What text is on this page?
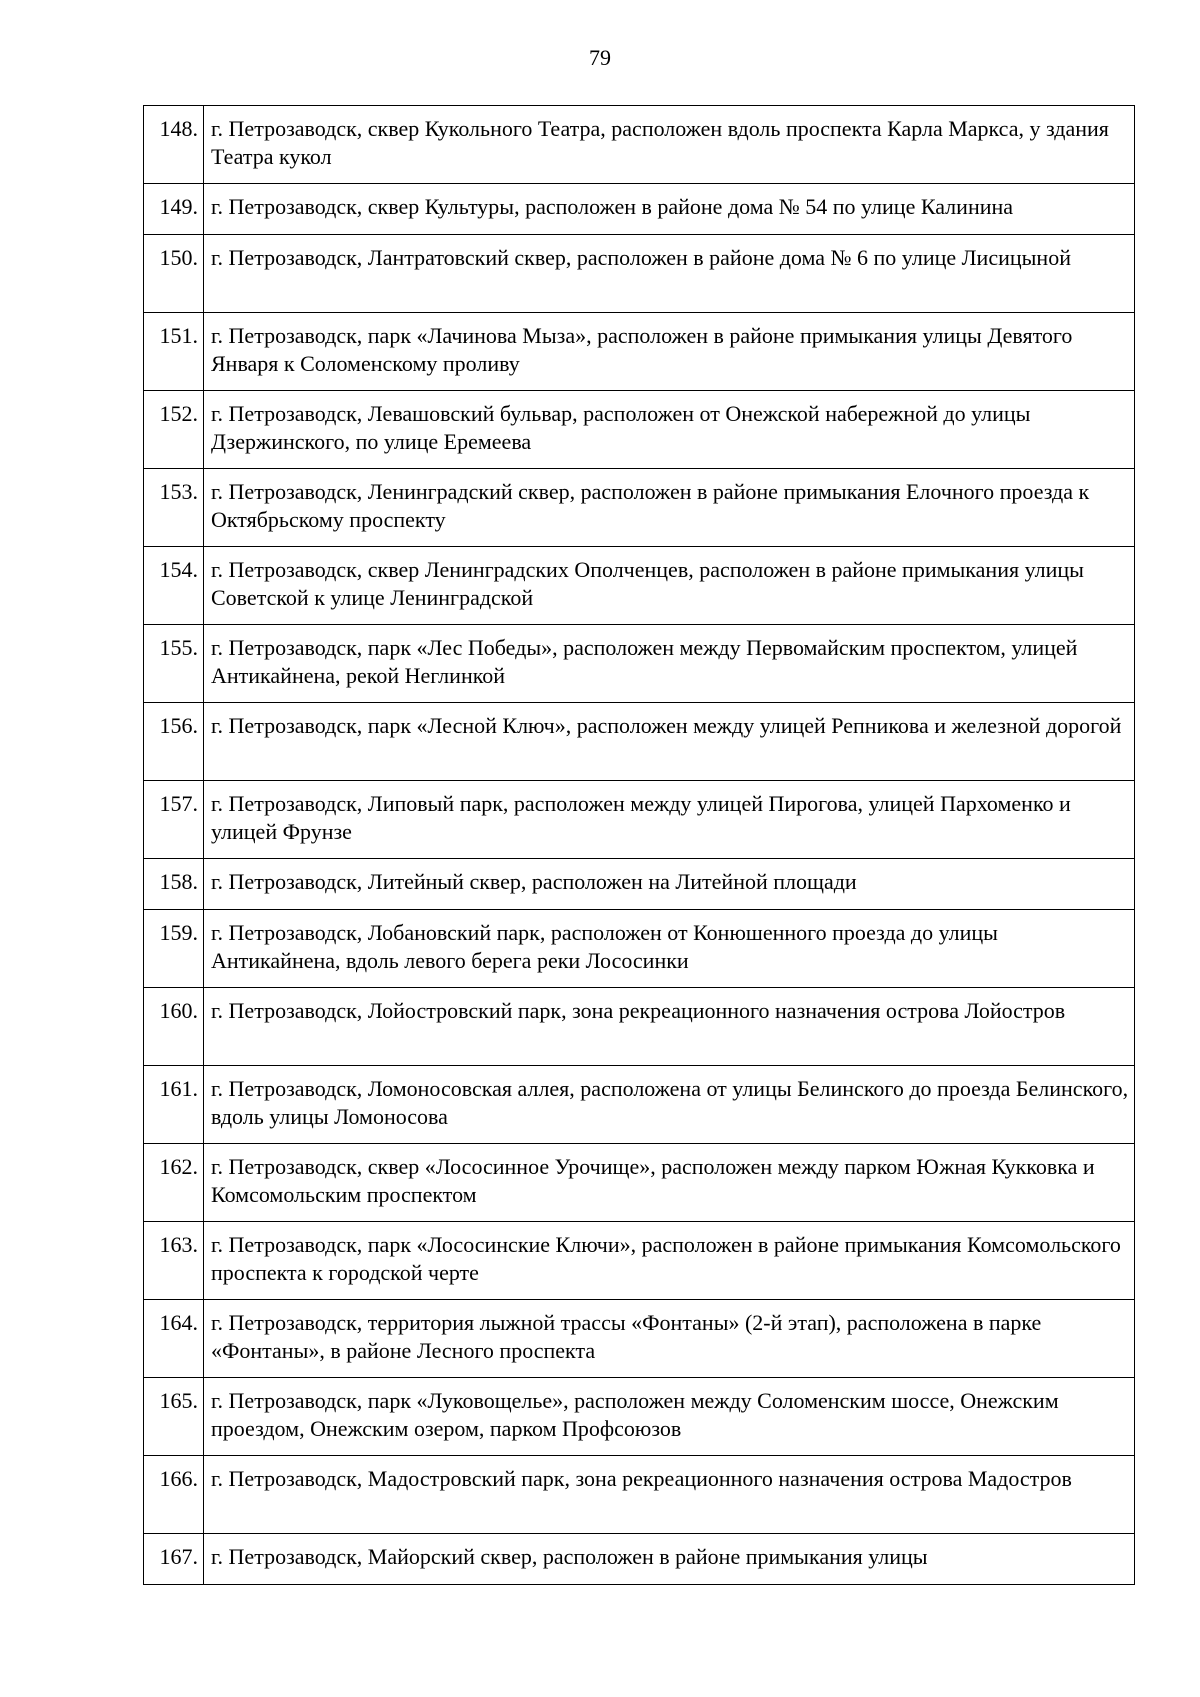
79
148.	г. Петрозаводск, сквер Кукольного Театра, расположен вдоль проспекта Карла Маркса, у здания Театра кукол
149.	г. Петрозаводск, сквер Культуры, расположен в районе дома № 54 по улице Калинина
150.	г. Петрозаводск, Лантратовский сквер, расположен в районе дома № 6 по улице Лисицыной
151.	г. Петрозаводск, парк «Лачинова Мыза», расположен в районе примыкания улицы Девятого Января к Соломенскому проливу
152.	г. Петрозаводск, Левашовский бульвар, расположен от Онежской набережной до улицы Дзержинского, по улице Еремеева
153.	г. Петрозаводск, Ленинградский сквер, расположен в районе примыкания Елочного проезда к Октябрьскому проспекту
154.	г. Петрозаводск, сквер Ленинградских Ополченцев, расположен в районе примыкания улицы Советской к улице Ленинградской
155.	г. Петрозаводск, парк «Лес Победы», расположен между Первомайским проспектом, улицей Антикайнена, рекой Неглинкой
156.	г. Петрозаводск, парк «Лесной Ключ», расположен между улицей Репникова и железной дорогой
157.	г. Петрозаводск, Липовый парк, расположен между улицей Пирогова, улицей Пархоменко и улицей Фрунзе
158.	г. Петрозаводск, Литейный сквер, расположен на Литейной площади
159.	г. Петрозаводск, Лобановский парк, расположен от Конюшенного проезда до улицы Антикайнена, вдоль левого берега реки Лососинки
160.	г. Петрозаводск, Лойостровский парк, зона рекреационного назначения острова Лойостров
161.	г. Петрозаводск, Ломоносовская аллея, расположена от улицы Белинского до проезда Белинского, вдоль улицы Ломоносова
162.	г. Петрозаводск, сквер «Лососинное Урочище», расположен между парком Южная Кукковка и Комсомольским проспектом
163.	г. Петрозаводск, парк «Лососинские Ключи», расположен в районе примыкания Комсомольского проспекта к городской черте
164.	г. Петрозаводск, территория лыжной трассы «Фонтаны» (2-й этап), расположена в парке «Фонтаны», в районе Лесного проспекта
165.	г. Петрозаводск, парк «Луковощелье», расположен между Соломенским шоссе, Онежским проездом, Онежским озером, парком Профсоюзов
166.	г. Петрозаводск, Мадостровский парк, зона рекреационного назначения острова Мадостров
167.	г. Петрозаводск, Майорский сквер, расположен в районе примыкания улицы
